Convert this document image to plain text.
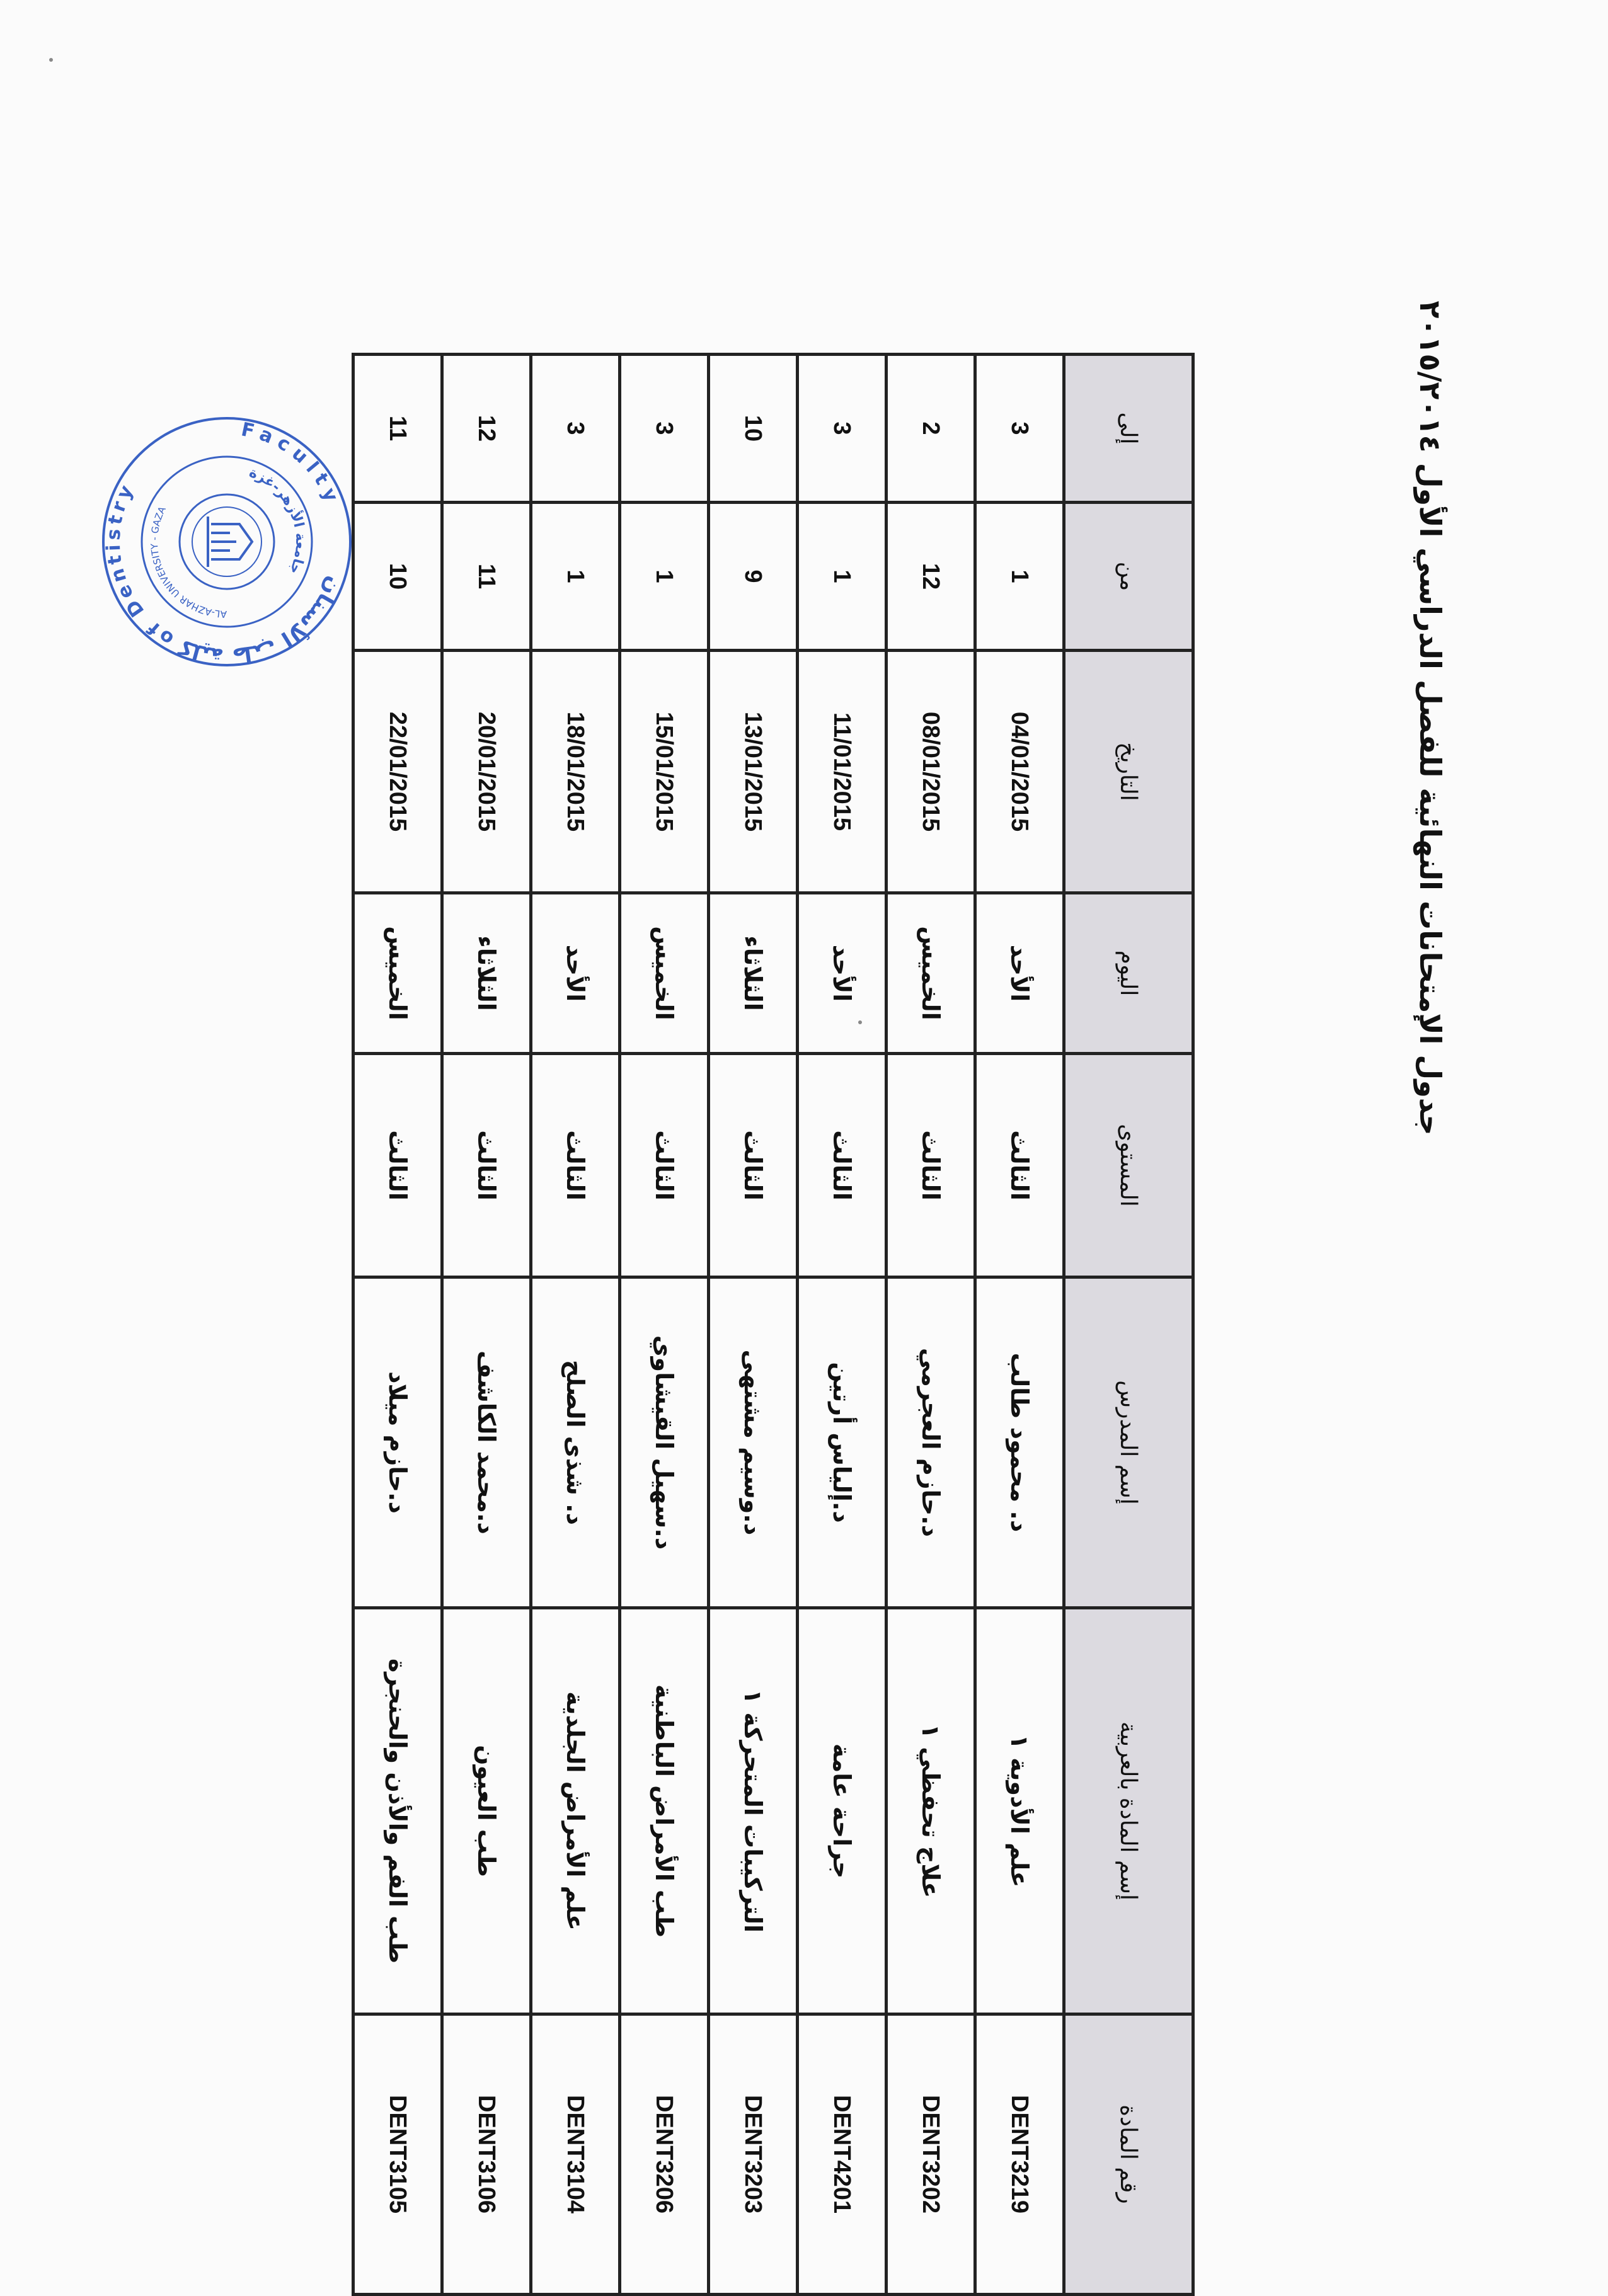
جدول الإمتحانات النهائية للفصل الدراسي الأول ٢٠١٥/٢٠١٤
رقم المادة	إسم المادة بالعربية	إسم المدرس	المستوى	اليوم	التاريخ	من	إلى
DENT3219	علم الأدوية ١	د. محمود طالب	الثالث	الأحد	04/01/2015	1	3
DENT3202	علاج تحفظي ١	د.حازم العجرمي	الثالث	الخميس	08/01/2015	12	2
DENT4201	جراحة عامة	د.إلياس أرتين	الثالث	الأحد	11/01/2015	1	3
DENT3203	التركيبات المتحركة ١	د.وسيم مشتهى	الثالث	الثلاثاء	13/01/2015	9	10
DENT3206	طب الأمراض الباطنية	د.سهيل القيشاوي	الثالث	الخميس	15/01/2015	1	3
DENT3104	علم الأمراض الجلدية	د. شذى الصلح	الثالث	الأحد	18/01/2015	1	3
DENT3106	طب العيون	د.محمد الكاشف	الثالث	الثلاثاء	20/01/2015	11	12
DENT3105	طب الفم والأذن والحنجرة	د.حازم ميلاد	الثالث	الخميس	22/01/2015	10	11
Faculty
of Dentistry
كلية طب الأسنان
جامعة الأزهر-غزة
AL-AZHAR UNIVERSITY - GAZA
